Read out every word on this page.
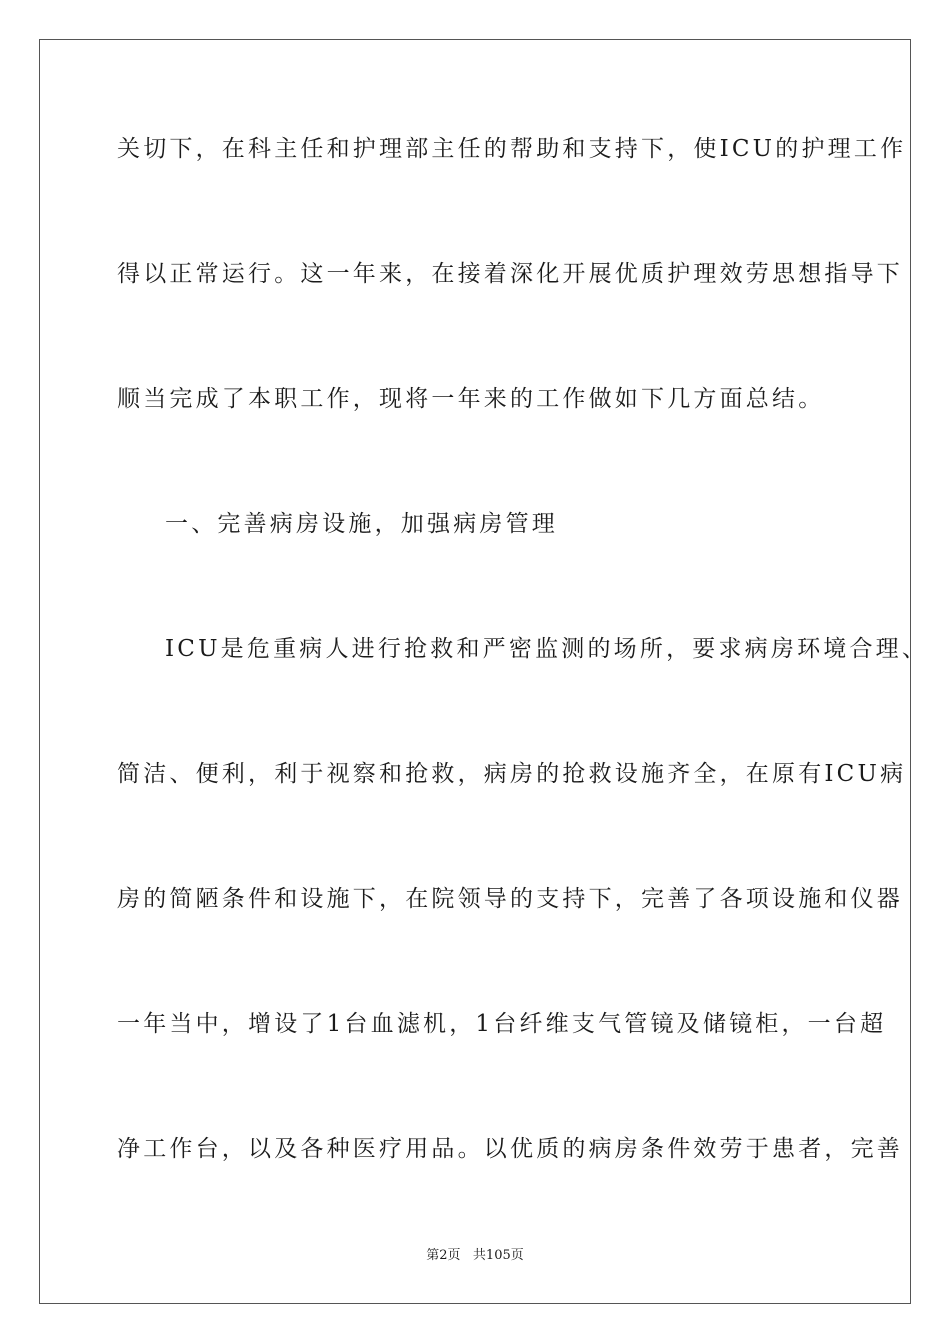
关切下，在科主任和护理部主任的帮助和支持下，使ICU的护理工作
得以正常运行。这一年来，在接着深化开展优质护理效劳思想指导下
顺当完成了本职工作，现将一年来的工作做如下几方面总结。
一、完善病房设施，加强病房管理
ICU是危重病人进行抢救和严密监测的场所，要求病房环境合理、
简洁、便利，利于视察和抢救，病房的抢救设施齐全，在原有ICU病
房的简陋条件和设施下，在院领导的支持下，完善了各项设施和仪器
一年当中，增设了1台血滤机，1台纤维支气管镜及储镜柜，一台超
净工作台，以及各种医疗用品。以优质的病房条件效劳于患者，完善
第2页 共105页
